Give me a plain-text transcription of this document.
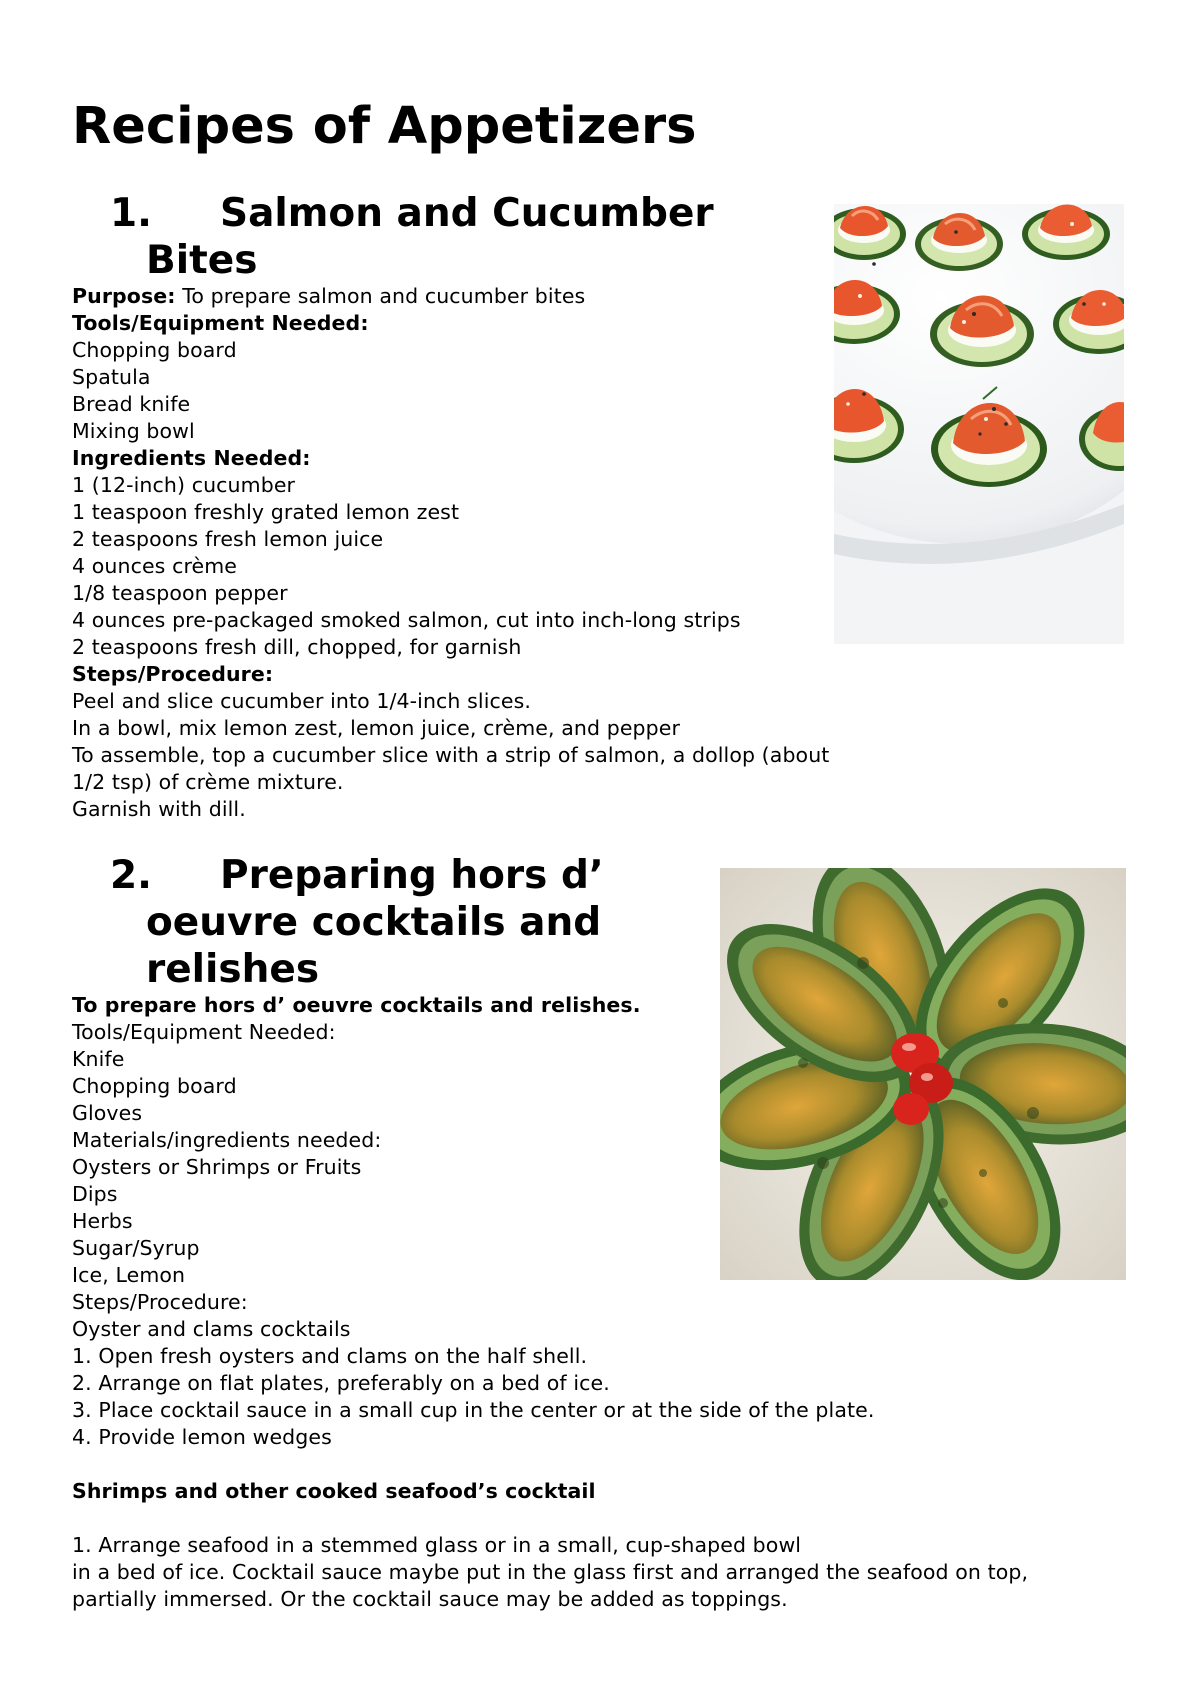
Recipes of Appetizers
1. Salmon and Cucumber
Bites
Purpose: To prepare salmon and cucumber bites
Tools/Equipment Needed:
Chopping board
Spatula
Bread knife
Mixing bowl
Ingredients Needed:
1 (12-inch) cucumber
1 teaspoon freshly grated lemon zest
2 teaspoons fresh lemon juice
4 ounces crème
1/8 teaspoon pepper
4 ounces pre-packaged smoked salmon, cut into inch-long strips
2 teaspoons fresh dill, chopped, for garnish
Steps/Procedure:
Peel and slice cucumber into 1/4-inch slices.
In a bowl, mix lemon zest, lemon juice, crème, and pepper
To assemble, top a cucumber slice with a strip of salmon, a dollop (about
1/2 tsp) of crème mixture.
Garnish with dill.
2. Preparing hors d’
oeuvre cocktails and
relishes
To prepare hors d’ oeuvre cocktails and relishes.
Tools/Equipment Needed:
Knife
Chopping board
Gloves
Materials/ingredients needed:
Oysters or Shrimps or Fruits
Dips
Herbs
Sugar/Syrup
Ice, Lemon
Steps/Procedure:
Oyster and clams cocktails
1. Open fresh oysters and clams on the half shell.
2. Arrange on flat plates, preferably on a bed of ice.
3. Place cocktail sauce in a small cup in the center or at the side of the plate.
4. Provide lemon wedges
Shrimps and other cooked seafood’s cocktail
1. Arrange seafood in a stemmed glass or in a small, cup-shaped bowl
in a bed of ice. Cocktail sauce maybe put in the glass first and arranged the seafood on top,
partially immersed. Or the cocktail sauce may be added as toppings.
